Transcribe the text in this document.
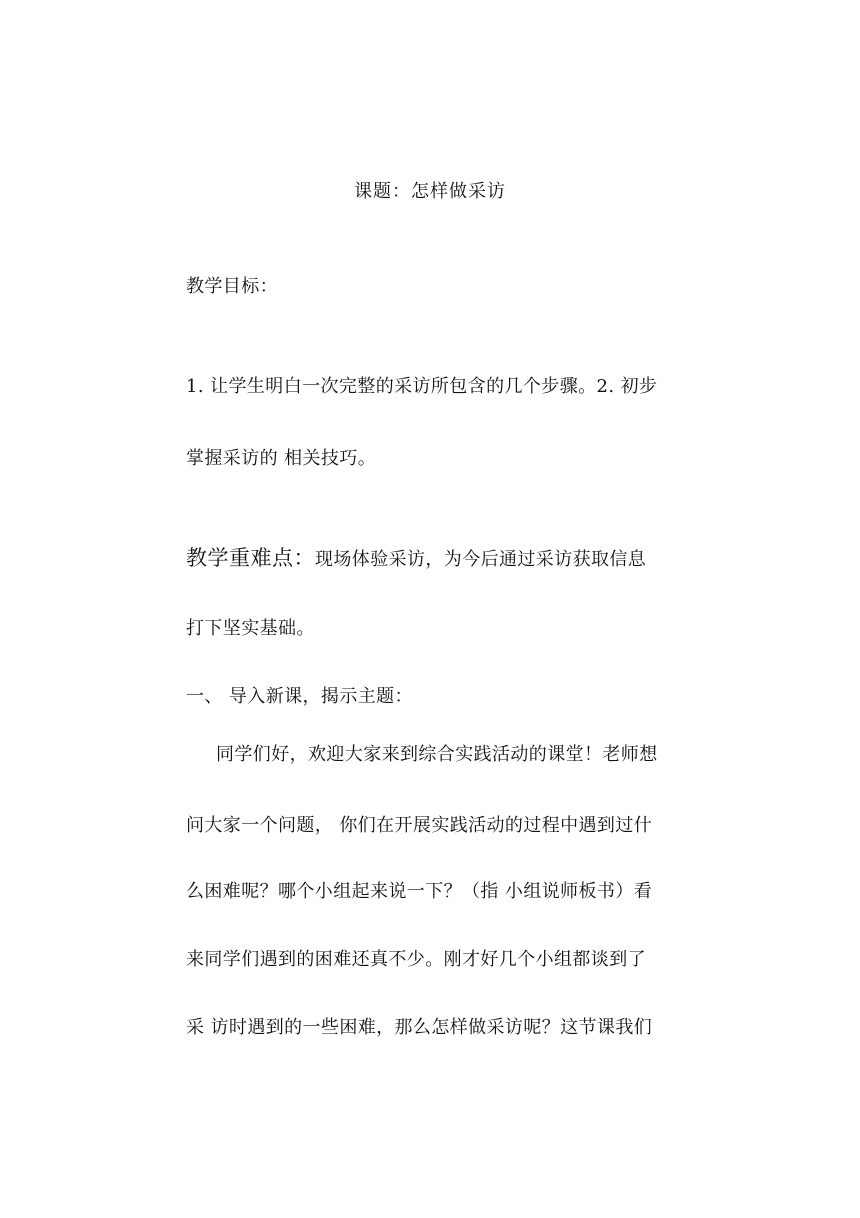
课题：怎样做采访
教学目标：
1. 让学生明白一次完整的采访所包含的几个步骤。2. 初步
掌握采访的 相关技巧。
教学重难点：现场体验采访，为今后通过采访获取信息
打下坚实基础。
一、 导入新课，揭示主题：
同学们好，欢迎大家来到综合实践活动的课堂！老师想
问大家一个问题， 你们在开展实践活动的过程中遇到过什
么困难呢？哪个小组起来说一下？（指 小组说师板书）看
来同学们遇到的困难还真不少。刚才好几个小组都谈到了
采 访时遇到的一些困难，那么怎样做采访呢？这节课我们
